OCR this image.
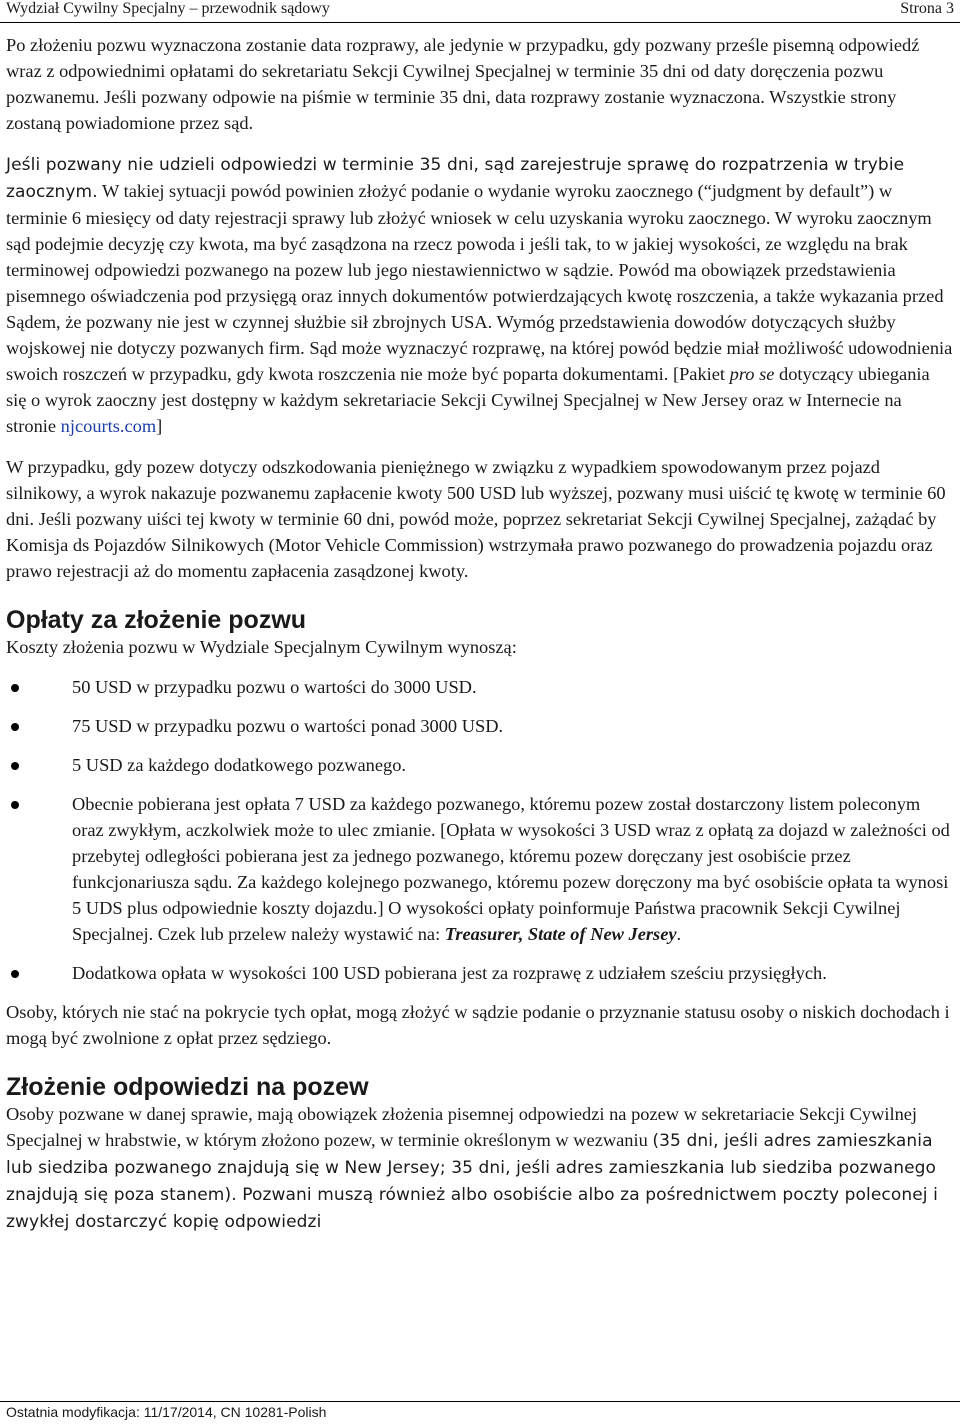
Wydział Cywilny Specjalny – przewodnik sądowy	Strona 3

Po złożeniu pozwu wyznaczona zostanie data rozprawy, ale jedynie w przypadku, gdy pozwany prześle pisemną odpowiedź wraz z odpowiednimi opłatami do sekretariatu Sekcji Cywilnej Specjalnej w terminie 35 dni od daty doręczenia pozwu pozwanemu. Jeśli pozwany odpowie na piśmie w terminie 35 dni, data rozprawy zostanie wyznaczona. Wszystkie strony zostaną powiadomione przez sąd.

Jeśli pozwany nie udzieli odpowiedzi w terminie 35 dni, sąd zarejestruje sprawę do rozpatrzenia w trybie zaocznym. W takiej sytuacji powód powinien złożyć podanie o wydanie wyroku zaocznego (“judgment by default”) w terminie 6 miesięcy od daty rejestracji sprawy lub złożyć wniosek w celu uzyskania wyroku zaocznego. W wyroku zaocznym sąd podejmie decyzję czy kwota, ma być zasądzona na rzecz powoda i jeśli tak, to w jakiej wysokości, ze względu na brak terminowej odpowiedzi pozwanego na pozew lub jego niestawiennictwo w sądzie. Powód ma obowiązek przedstawienia pisemnego oświadczenia pod przysięgą oraz innych dokumentów potwierdzających kwotę roszczenia, a także wykazania przed Sądem, że pozwany nie jest w czynnej służbie sił zbrojnych USA. Wymóg przedstawienia dowodów dotyczących służby wojskowej nie dotyczy pozwanych firm. Sąd może wyznaczyć rozprawę, na której powód będzie miał możliwość udowodnienia swoich roszczeń w przypadku, gdy kwota roszczenia nie może być poparta dokumentami. [Pakiet pro se dotyczący ubiegania się o wyrok zaoczny jest dostępny w każdym sekretariacie Sekcji Cywilnej Specjalnej w New Jersey oraz w Internecie na stronie njcourts.com]

W przypadku, gdy pozew dotyczy odszkodowania pieniężnego w związku z wypadkiem spowodowanym przez pojazd silnikowy, a wyrok nakazuje pozwanemu zapłacenie kwoty 500 USD lub wyższej, pozwany musi uiścić tę kwotę w terminie 60 dni. Jeśli pozwany uiści tej kwoty w terminie 60 dni, powód może, poprzez sekretariat Sekcji Cywilnej Specjalnej, zażądać by Komisja ds Pojazdów Silnikowych (Motor Vehicle Commission) wstrzymała prawo pozwanego do prowadzenia pojazdu oraz prawo rejestracji aż do momentu zapłacenia zasądzonej kwoty.

Opłaty za złożenie pozwu
Koszty złożenia pozwu w Wydziale Specjalnym Cywilnym wynoszą:
50 USD w przypadku pozwu o wartości do 3000 USD.
75 USD w przypadku pozwu o wartości ponad 3000 USD.
5 USD za każdego dodatkowego pozwanego.
Obecnie pobierana jest opłata 7 USD za każdego pozwanego, któremu pozew został dostarczony listem poleconym oraz zwykłym, aczkolwiek może to ulec zmianie. [Opłata w wysokości 3 USD wraz z opłatą za dojazd w zależności od przebytej odległości pobierana jest za jednego pozwanego, któremu pozew doręczany jest osobiście przez funkcjonariusza sądu. Za każdego kolejnego pozwanego, któremu pozew doręczony ma być osobiście opłata ta wynosi 5 UDS plus odpowiednie koszty dojazdu.] O wysokości opłaty poinformuje Państwa pracownik Sekcji Cywilnej Specjalnej. Czek lub przelew należy wystawić na: Treasurer, State of New Jersey.
Dodatkowa opłata w wysokości 100 USD pobierana jest za rozprawę z udziałem sześciu przysięgłych.

Osoby, których nie stać na pokrycie tych opłat, mogą złożyć w sądzie podanie o przyznanie statusu osoby o niskich dochodach i mogą być zwolnione z opłat przez sędziego.

Złożenie odpowiedzi na pozew

Osoby pozwane w danej sprawie, mają obowiązek złożenia pisemnej odpowiedzi na pozew w sekretariacie Sekcji Cywilnej Specjalnej w hrabstwie, w którym złożono pozew, w terminie określonym w wezwaniu (35 dni, jeśli adres zamieszkania lub siedziba pozwanego znajdują się w New Jersey; 35 dni, jeśli adres zamieszkania lub siedziba pozwanego znajdują się poza stanem). Pozwani muszą również albo osobiście albo za pośrednictwem poczty poleconej i zwykłej dostarczyć kopię odpowiedzi

Ostatnia modyfikacja: 11/17/2014, CN 10281-Polish
